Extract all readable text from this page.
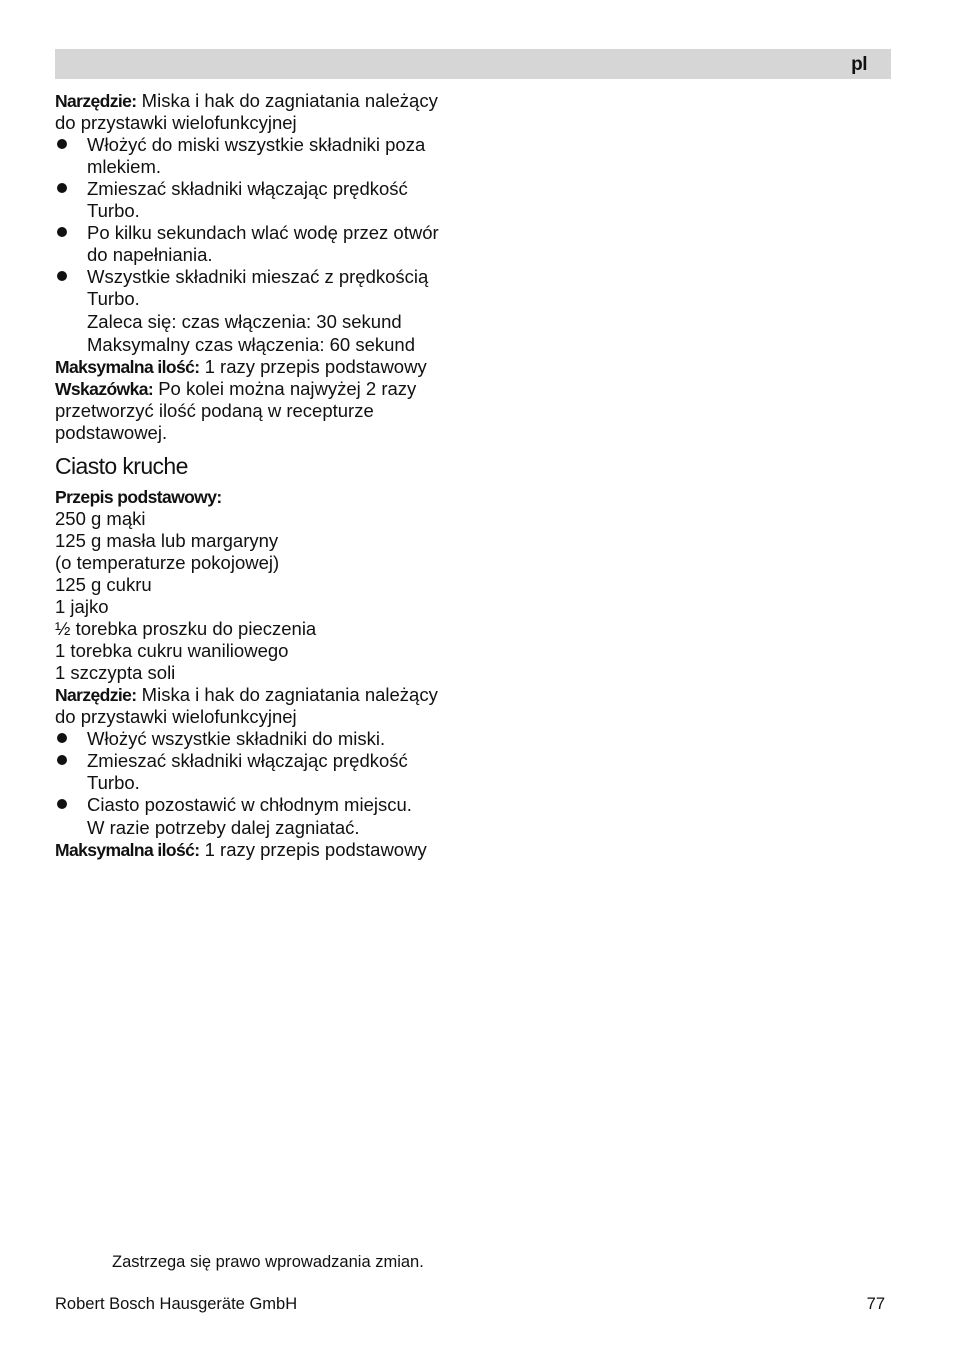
pl
Narzędzie: Miska i hak do zagniatania należący
do przystawki wielofunkcyjnej
Włożyć do miski wszystkie składniki poza
mlekiem.
Zmieszać składniki włączając prędkość
Turbo.
Po kilku sekundach wlać wodę przez otwór
do napełniania.
Wszystkie składniki mieszać z prędkością
Turbo.
Zaleca się: czas włączenia: 30 sekund
Maksymalny czas włączenia: 60 sekund
Maksymalna ilość: 1 razy przepis podstawowy
Wskazówka: Po kolei można najwyżej 2 razy
przetworzyć ilość podaną w recepturze
podstawowej.
Ciasto kruche
Przepis podstawowy:
250 g mąki
125 g masła lub margaryny
(o temperaturze pokojowej)
125 g cukru
1 jajko
½ torebka proszku do pieczenia
1 torebka cukru waniliowego
1 szczypta soli
Narzędzie: Miska i hak do zagniatania należący
do przystawki wielofunkcyjnej
Włożyć wszystkie składniki do miski.
Zmieszać składniki włączając prędkość
Turbo.
Ciasto pozostawić w chłodnym miejscu.
W razie potrzeby dalej zagniatać.
Maksymalna ilość: 1 razy przepis podstawowy
Zastrzega się prawo wprowadzania zmian.
Robert Bosch Hausgeräte GmbH	77
